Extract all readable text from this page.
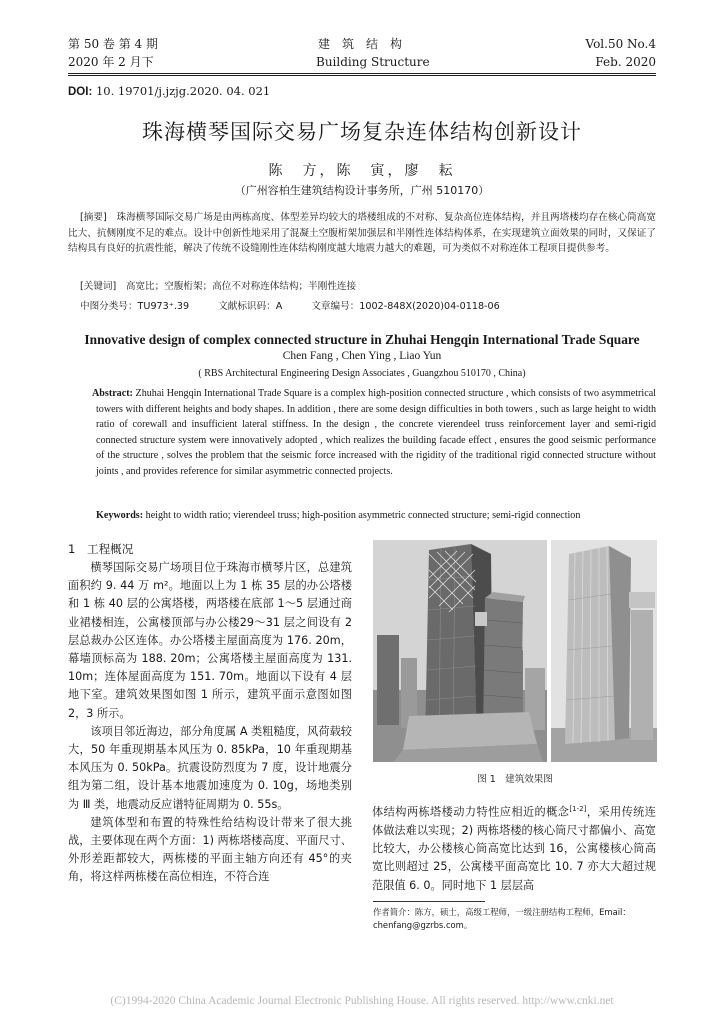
第 50 卷 第 4 期	建　筑　结　构	Vol.50 No.4
2020 年 2 月下	Building Structure	Feb. 2020
DOI: 10. 19701/j.jzjg.2020. 04. 021
珠海横琴国际交易广场复杂连体结构创新设计
陈　方，陈　寅，廖　耘
（广州容柏生建筑结构设计事务所，广州 510170）
[摘要]　 珠海横琴国际交易广场是由两栋高度、体型差异均较大的塔楼组成的不对称、复杂高位连体结构，并且两塔楼均存在核心筒高宽比大、抗侧刚度不足的难点。设计中创新性地采用了混凝土空腹桁架加强层和半刚性连体结构体系，在实现建筑立面效果的同时，又保证了结构具有良好的抗震性能，解决了传统不设缝刚性连体结构刚度越大地震力越大的难题，可为类似不对称连体工程项目提供参考。
[关键词]　 高宽比；空腹桁架；高位不对称连体结构；半刚性连接
中图分类号：TU973⁺.39	文献标识码：A	文章编号：1002-848X(2020)04-0118-06
Innovative design of complex connected structure in Zhuhai Hengqin International Trade Square
Chen Fang , Chen Ying , Liao Yun
( RBS Architectural Engineering Design Associates , Guangzhou 510170 , China)
Abstract: Zhuhai Hengqin International Trade Square is a complex high-position connected structure , which consists of two asymmetrical towers with different heights and body shapes. In addition , there are some design difficulties in both towers , such as large height to width ratio of corewall and insufficient lateral stiffness. In the design , the concrete vierendeel truss reinforcement layer and semi-rigid connected structure system were innovatively adopted , which realizes the building facade effect , ensures the good seismic performance of the structure , solves the problem that the seismic force increased with the rigidity of the traditional rigid connected structure without joints , and provides reference for similar asymmetric connected projects.
Keywords: height to width ratio; vierendeel truss; high-position asymmetric connected structure; semi-rigid connection
1　工程概况

横琴国际交易广场项目位于珠海市横琴片区，总建筑面积约 9. 44 万 m²。地面以上为 1 栋 35 层的办公塔楼和 1 栋 40 层的公寓塔楼，两塔楼在底部 1～5 层通过商业裙楼相连，公寓楼顶部与办公楼29～31 层之间设有 2 层总裁办公区连体。办公塔楼主屋面高度为 176. 20m，幕墙顶标高为 188. 20m；公寓塔楼主屋面高度为 131. 10m；连体屋面高度为 151. 70m。地面以下设有 4 层地下室。建筑效果图如图 1 所示，建筑平面示意图如图 2，3 所示。

该项目邻近海边，部分角度属 A 类粗糙度，风荷载较大，50 年重现期基本风压为 0. 85kPa，10 年重现期基本风压为 0. 50kPa。抗震设防烈度为 7 度，设计地震分组为第二组，设计基本地震加速度为 0. 10g，场地类别为 Ⅲ 类，地震动反应谱特征周期为 0. 55s。

建筑体型和布置的特殊性给结构设计带来了很大挑战，主要体现在两个方面：1) 两栋塔楼高度、平面尺寸、外形差距都较大，两栋楼的平面主轴方向还有 45°的夹角，将这样两栋楼在高位相连，不符合连

图 1　建筑效果图
体结构两栋塔楼动力特性应相近的概念[1-2]，采用传统连体做法难以实现；2) 两栋塔楼的核心筒尺寸都偏小、高宽比较大，办公楼核心筒高宽比达到 16，公寓楼核心筒高宽比则超过 25，公寓楼平面高宽比 10. 7 亦大大超过规范限值 6. 0。同时地下 1 层层高
作者简介：陈方，硕士，高级工程师，一级注册结构工程师，Email：chenfang@gzrbs.com。
(C)1994-2020 China Academic Journal Electronic Publishing House. All rights reserved. http://www.cnki.net
